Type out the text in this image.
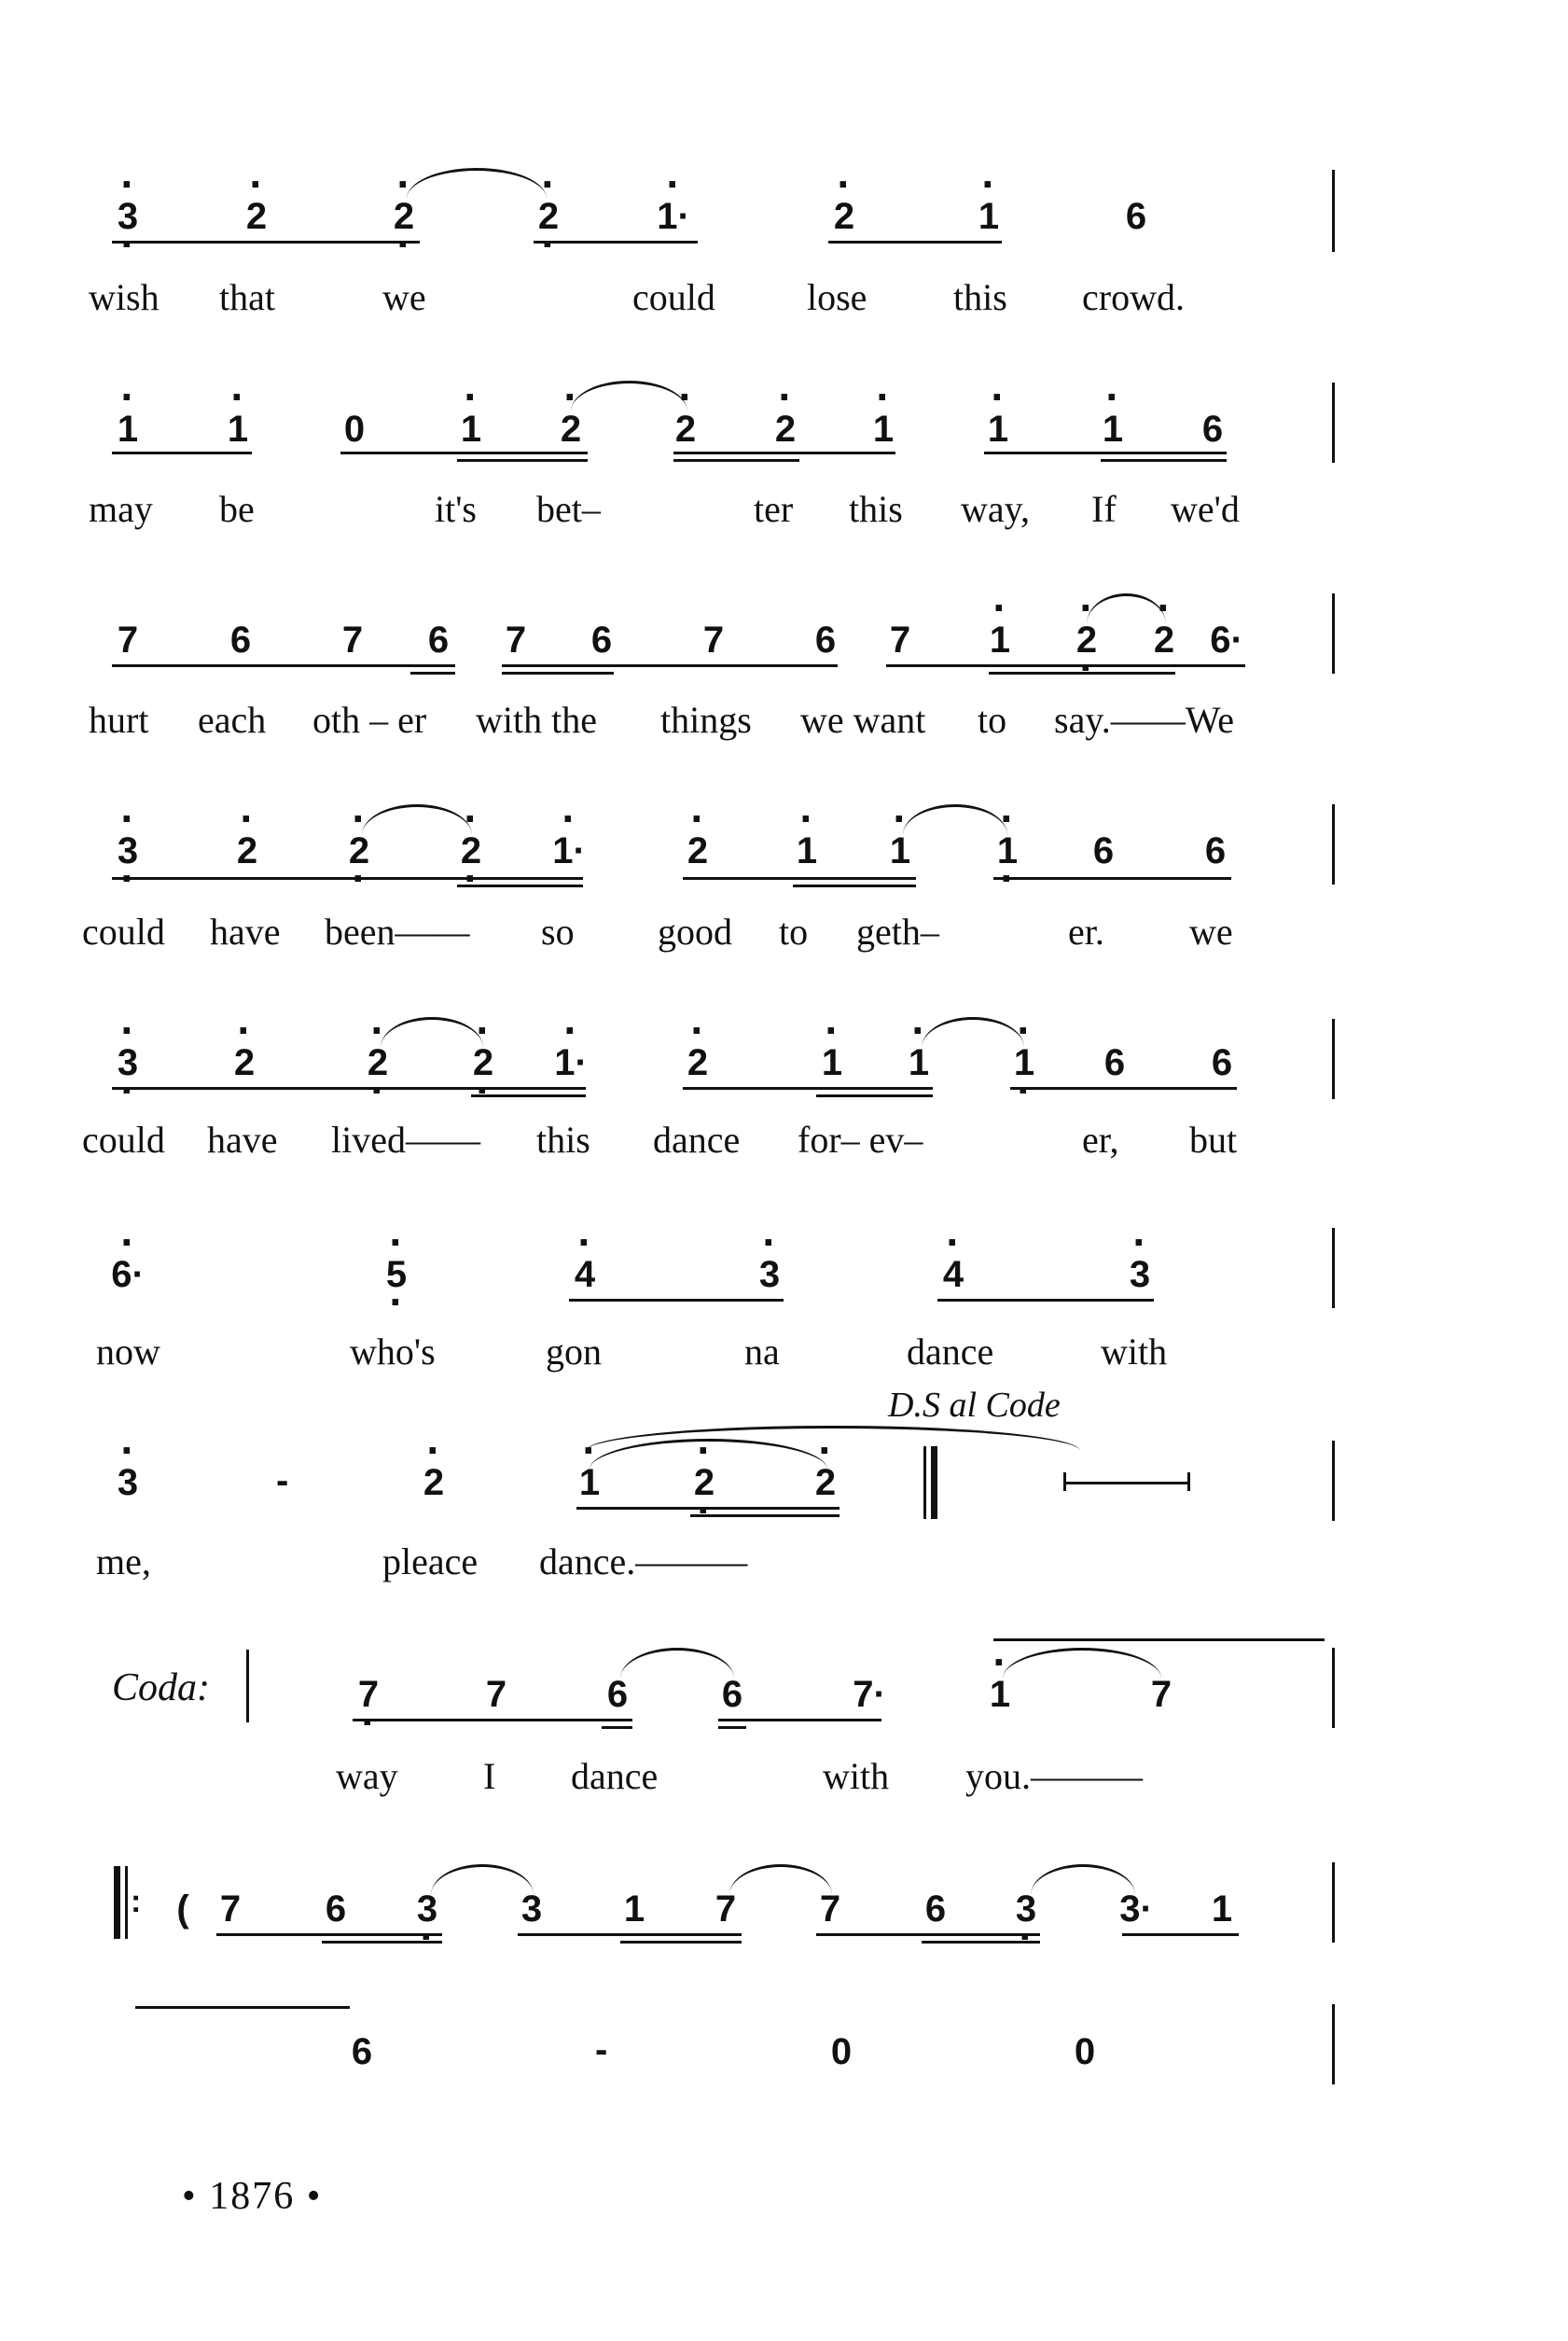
· 3 ·	· 2	· 2 ·	· 2 ·	· 1·	· 2	· 1	6
wish that	we	could lose this crowd.
· 1	· 1	0	· 1	· 2	· 2	· 2	· 1	· 1	· 1	6
may be	it's bet–	ter this way, If we'd
7	6	7	6	7	6	7	6	7	· 1	· 2 ·	· 2 6·
hurt each oth – er with the things we want to say.——We
· 3 ·	· 2	· 2 ·	· 2 ·	· 1·	· 2	· 1	· 1	· 1 ·	6	6
could have been—— so good to geth–	er. we
· 3 ·	· 2	· 2 ·	· 2 ·	· 1·	· 2	· 1	· 1	· 1 ·	6	6
could have lived—— this dance for– ev–	er, but
· 6·	· 5 ·	· 4	· 3	· 4	· 3
now	who's	gon	na	dance	with
D.S al Code
· 3	-	· 2	· 1	· 2 ·	· 2
me,	pleace dance.———
Coda:	7 ·	7	6	6	7·	· 1	7
way I dance	with you.———
: ( 7	6	3 ·	3	1	7	7	6	3 ·	3·	1
6	-	0	0
• 1876 •
